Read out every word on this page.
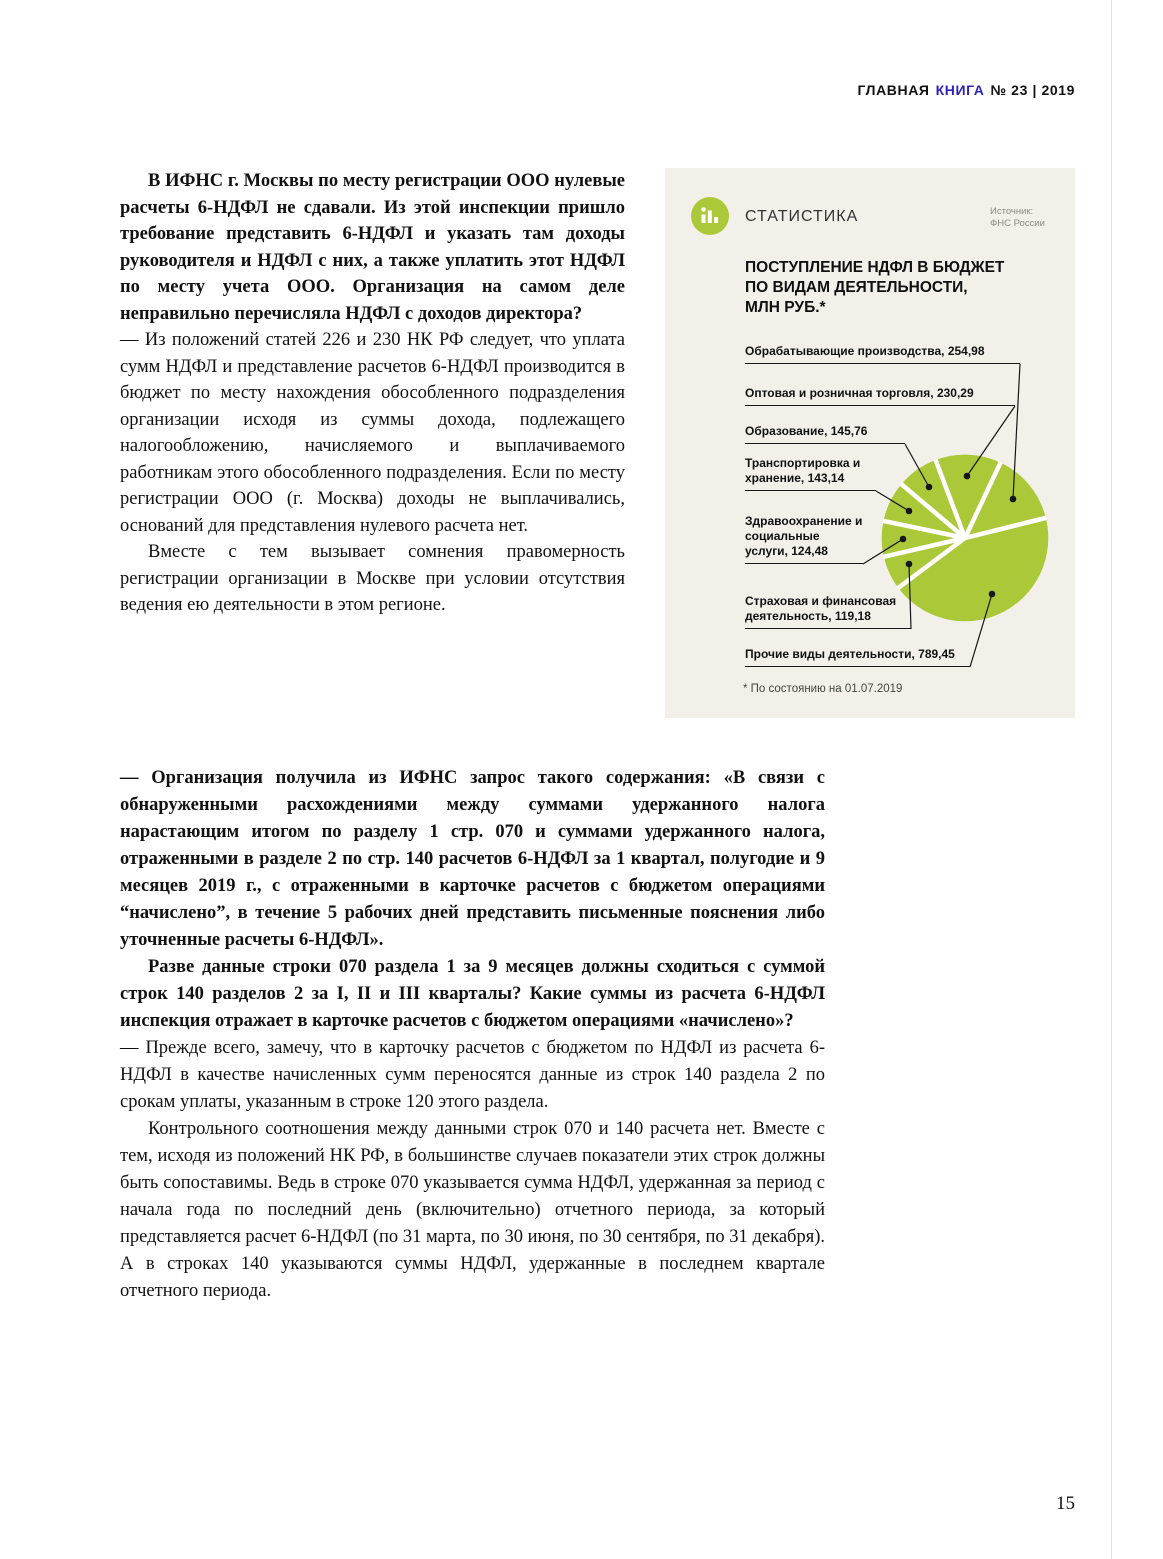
ГЛАВНАЯ КНИГА № 23 | 2019

В ИФНС г. Москвы по месту регистрации ООО нулевые расчеты 6-НДФЛ не сдавали. Из этой инспекции пришло требование представить 6-НДФЛ и указать там доходы руководителя и НДФЛ с них, а также уплатить этот НДФЛ по месту учета ООО. Организация на самом деле неправильно перечисляла НДФЛ с доходов директора?

— Из положений статей 226 и 230 НК РФ следует, что уплата сумм НДФЛ и представление расчетов 6-НДФЛ производится в бюджет по месту нахождения обособленного подразделения организации исходя из суммы дохода, подлежащего налогообложению, начисляемого и выплачиваемого работникам этого обособленного подразделения. Если по месту регистрации ООО (г. Москва) доходы не выплачивались, оснований для представления нулевого расчета нет.

Вместе с тем вызывает сомнения правомерность регистрации организации в Москве при условии отсутствия ведения ею деятельности в этом регионе.

СТАТИСТИКА	Источник:
ФНС России
ПОСТУПЛЕНИЕ НДФЛ В БЮДЖЕТ
ПО ВИДАМ ДЕЯТЕЛЬНОСТИ,
МЛН РУБ.*
Обрабатывающие производства, 254,98
Оптовая и розничная торговля, 230,29
Образование, 145,76
Транспортировка и хранение, 143,14
Здравоохранение и социальные услуги, 124,48
Страховая и финансовая деятельность, 119,18
Прочие виды деятельности, 789,45
* По состоянию на 01.07.2019

— Организация получила из ИФНС запрос такого содержания: «В связи с обнаруженными расхождениями между суммами удержанного налога нарастающим итогом по разделу 1 стр. 070 и суммами удержанного налога, отраженными в разделе 2 по стр. 140 расчетов 6-НДФЛ за 1 квартал, полугодие и 9 месяцев 2019 г., с отраженными в карточке расчетов с бюджетом операциями “начислено”, в течение 5 рабочих дней представить письменные пояснения либо уточненные расчеты 6-НДФЛ».

Разве данные строки 070 раздела 1 за 9 месяцев должны сходиться с суммой строк 140 разделов 2 за I, II и III кварталы? Какие суммы из расчета 6-НДФЛ инспекция отражает в карточке расчетов с бюджетом операциями «начислено»?

— Прежде всего, замечу, что в карточку расчетов с бюджетом по НДФЛ из расчета 6-НДФЛ в качестве начисленных сумм переносятся данные из строк 140 раздела 2 по срокам уплаты, указанным в строке 120 этого раздела.

Контрольного соотношения между данными строк 070 и 140 расчета нет. Вместе с тем, исходя из положений НК РФ, в большинстве случаев показатели этих строк должны быть сопоставимы. Ведь в строке 070 указывается сумма НДФЛ, удержанная за период с начала года по последний день (включительно) отчетного периода, за который представляется расчет 6-НДФЛ (по 31 марта, по 30 июня, по 30 сентября, по 31 декабря). А в строках 140 указываются суммы НДФЛ, удержанные в последнем квартале отчетного периода.

15
